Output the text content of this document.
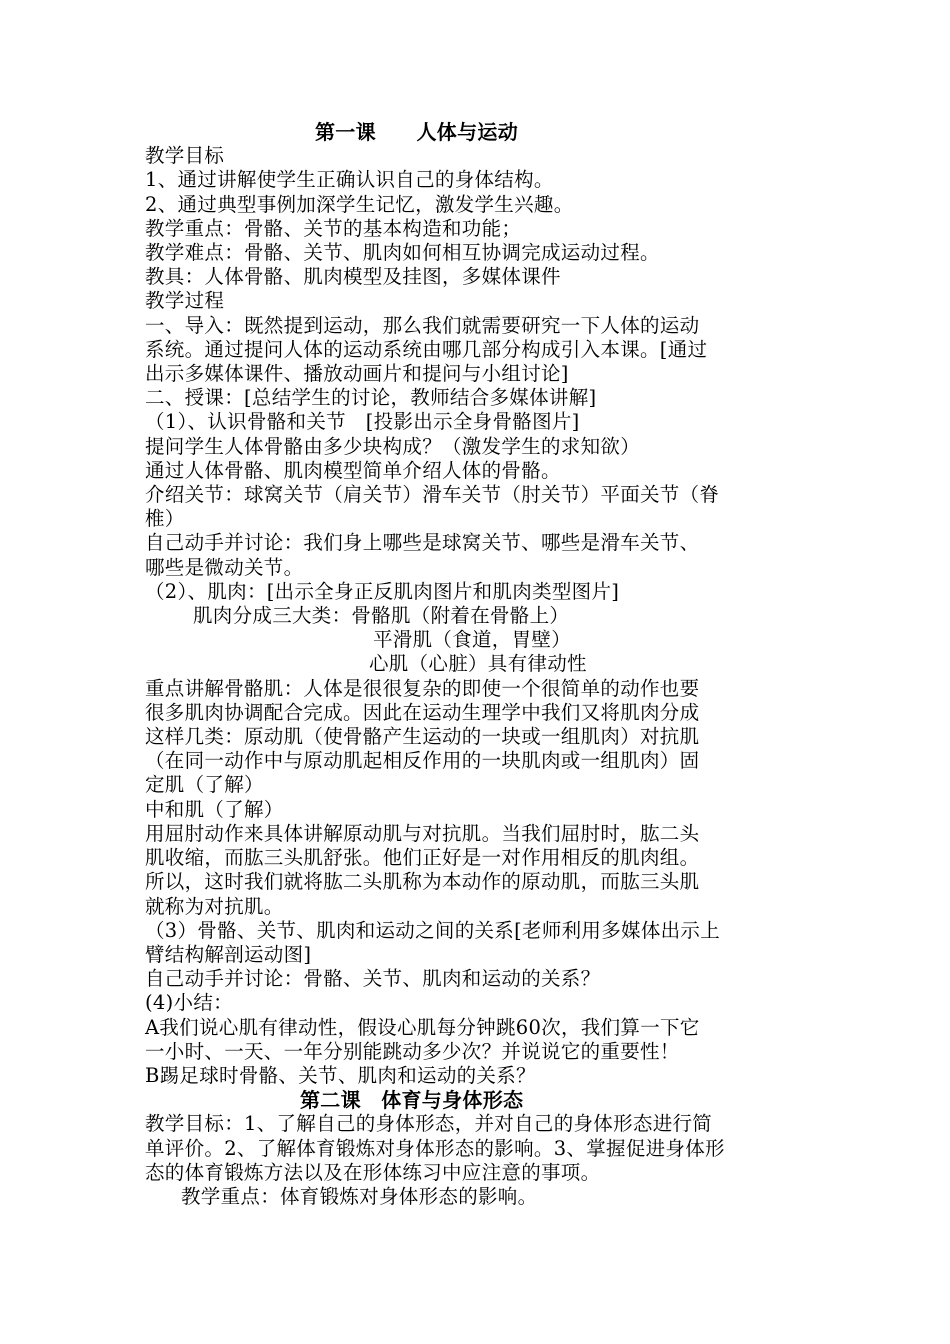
第一课　　人体与运动
教学目标
1、通过讲解使学生正确认识自己的身体结构。
2、通过典型事例加深学生记忆，激发学生兴趣。
教学重点：骨骼、关节的基本构造和功能；
教学难点：骨骼、关节、肌肉如何相互协调完成运动过程。
教具：人体骨骼、肌肉模型及挂图，多媒体课件
教学过程
一、导入：既然提到运动，那么我们就需要研究一下人体的运动
系统。通过提问人体的运动系统由哪几部分构成引入本课。[通过
出示多媒体课件、播放动画片和提问与小组讨论]
二、授课：[总结学生的讨论，教师结合多媒体讲解]
（1）、认识骨骼和关节　[投影出示全身骨骼图片]
提问学生人体骨骼由多少块构成？（激发学生的求知欲）
通过人体骨骼、肌肉模型简单介绍人体的骨骼。
介绍关节：球窝关节（肩关节）滑车关节（肘关节）平面关节（脊
椎）
自己动手并讨论：我们身上哪些是球窝关节、哪些是滑车关节、
哪些是微动关节。
（2）、肌肉：[出示全身正反肌肉图片和肌肉类型图片]
肌肉分成三大类：骨骼肌（附着在骨骼上）
平滑肌（食道，胃壁）
心肌（心脏）具有律动性
重点讲解骨骼肌：人体是很很复杂的即使一个很简单的动作也要
很多肌肉协调配合完成。因此在运动生理学中我们又将肌肉分成
这样几类：原动肌（使骨骼产生运动的一块或一组肌肉）对抗肌
（在同一动作中与原动肌起相反作用的一块肌肉或一组肌肉）固
定肌（了解）
中和肌（了解）
用屈肘动作来具体讲解原动肌与对抗肌。当我们屈肘时，肱二头
肌收缩，而肱三头肌舒张。他们正好是一对作用相反的肌肉组。
所以，这时我们就将肱二头肌称为本动作的原动肌，而肱三头肌
就称为对抗肌。
（3）骨骼、关节、肌肉和运动之间的关系[老师利用多媒体出示上
臂结构解剖运动图]
自己动手并讨论：骨骼、关节、肌肉和运动的关系？
(4)小结：
A我们说心肌有律动性，假设心肌每分钟跳60次，我们算一下它
一小时、一天、一年分别能跳动多少次？并说说它的重要性！
B踢足球时骨骼、关节、肌肉和运动的关系？
第二课　体育与身体形态
教学目标：1、了解自己的身体形态，并对自己的身体形态进行简
单评价。2、了解体育锻炼对身体形态的影响。3、掌握促进身体形
态的体育锻炼方法以及在形体练习中应注意的事项。
教学重点：体育锻炼对身体形态的影响。
